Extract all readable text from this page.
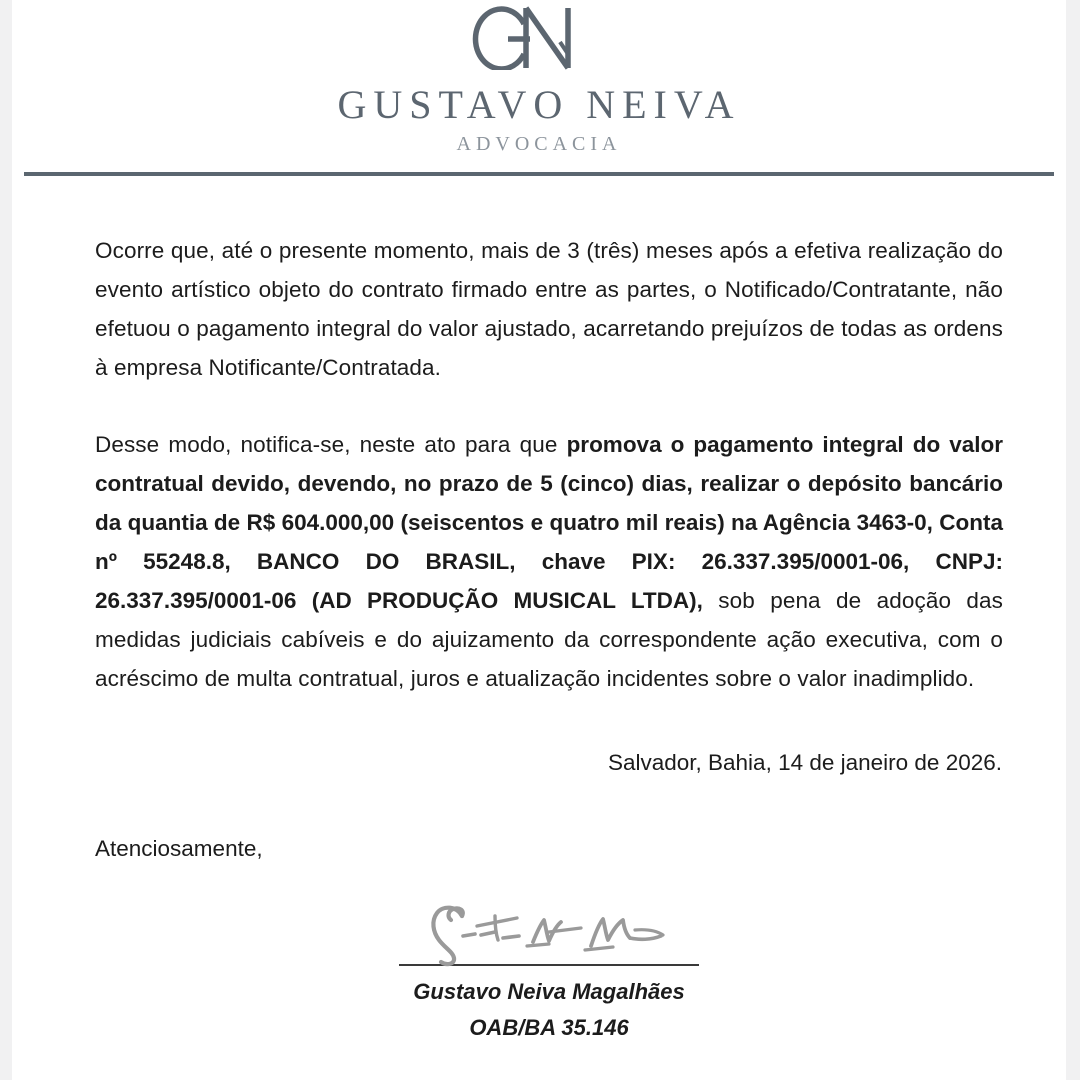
GUSTAVO NEIVA
ADVOCACIA

Ocorre que, até o presente momento, mais de 3 (três) meses após a efetiva realização do evento artístico objeto do contrato firmado entre as partes, o Notificado/Contratante, não efetuou o pagamento integral do valor ajustado, acarretando prejuízos de todas as ordens à empresa Notificante/Contratada.

Desse modo, notifica-se, neste ato para que promova o pagamento integral do valor contratual devido, devendo, no prazo de 5 (cinco) dias, realizar o depósito bancário da quantia de R$ 604.000,00 (seiscentos e quatro mil reais) na Agência 3463-0, Conta nº 55248.8, BANCO DO BRASIL, chave PIX: 26.337.395/0001-06, CNPJ: 26.337.395/0001-06 (AD PRODUÇÃO MUSICAL LTDA), sob pena de adoção das medidas judiciais cabíveis e do ajuizamento da correspondente ação executiva, com o acréscimo de multa contratual, juros e atualização incidentes sobre o valor inadimplido.

Salvador, Bahia, 14 de janeiro de 2026.

Atenciosamente,

Gustavo Neiva Magalhães
OAB/BA 35.146
